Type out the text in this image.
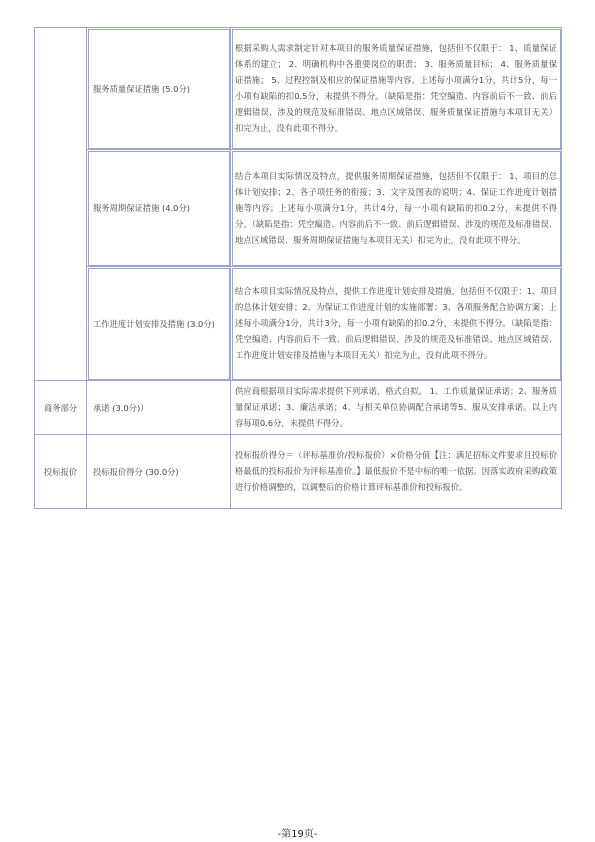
	服务质量保证措施 (5.0分)	根据采购人需求制定针对本项目的服务质量保证措施，包括但不仅限于： 1、质量保证体系的建立； 2、明确机构中各重要岗位的职责； 3、服务质量目标； 4、服务质量保证措施； 5、过程控制及相应的保证措施等内容。上述每小项满分1分，共计5分，每一小项有缺陷的扣0.5分，未提供不得分。（缺陷是指：凭空编造、内容前后不一致、前后逻辑错误、涉及的规范及标准错误、地点区域错误、服务质量保证措施与本项目无关）扣完为止，没有此项不得分。
	服务周期保证措施 (4.0分)	结合本项目实际情况及特点，提供服务周期保证措施，包括但不仅限于： 1、项目的总体计划安排；2、各子项任务的衔接；3、文字及图表的说明；4、保证工作进度计划措施等内容；上述每小项满分1分，共计4分，每一小项有缺陷的扣0.2分，未提供不得分。（缺陷是指：凭空编造、内容前后不一致、前后逻辑错误、涉及的规范及标准错误、地点区域错误、服务周期保证措施与本项目无关）扣完为止，没有此项不得分。
	工作进度计划安排及措施 (3.0分)	结合本项目实际情况及特点，提供工作进度计划安排及措施，包括但不仅限于：1、项目的总体计划安排；2、为保证工作进度计划的实施部署；3、各项服务配合协调方案；上述每小项满分1分，共计3分，每一小项有缺陷的扣0.2分，未提供不得分。（缺陷是指：凭空编造、内容前后不一致、前后逻辑错误、涉及的规范及标准错误、地点区域错误、工作进度计划安排及措施与本项目无关）扣完为止，没有此项不得分。
商务部分	承诺 (3.0分)）	供应商根据项目实际需求提供下列承诺，格式自拟。 1、工作质量保证承诺；2、服务质量保证承诺；3、廉洁承诺；4、与相关单位协调配合承诺等5、服从安排承诺。以上内容每项0.6分，未提供不得分。
投标报价	投标报价得分 (30.0分)	投标报价得分＝（评标基准价/投标报价）×价格分值【注：满足招标文件要求且投标价格最低的投标报价为评标基准价。】最低报价不是中标的唯一依据。因落实政府采购政策进行价格调整的，以调整后的价格计算评标基准价和投标报价。
-第19页-
